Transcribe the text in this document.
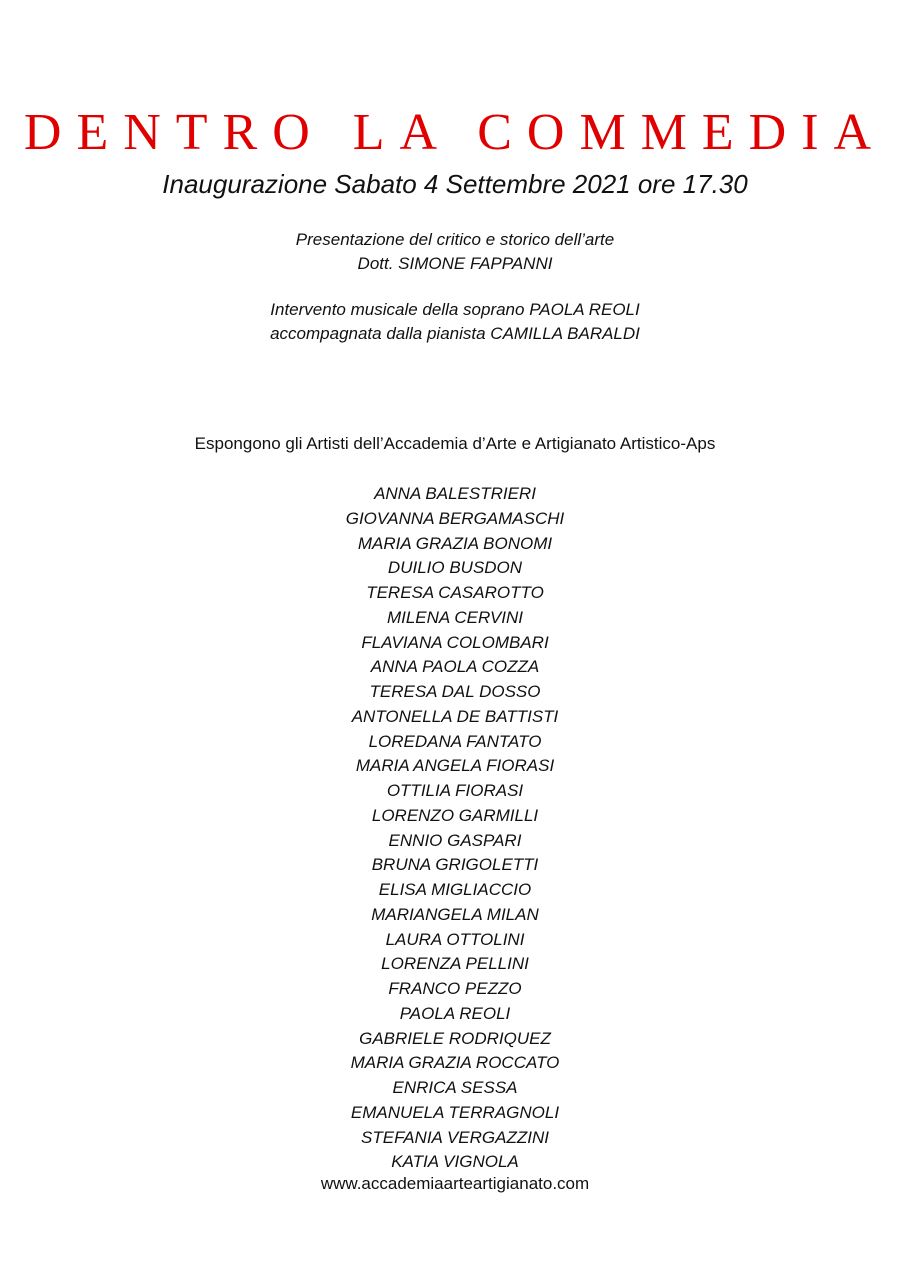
DENTRO LA COMMEDIA
Inaugurazione Sabato 4 Settembre 2021 ore 17.30
Presentazione del critico e storico dell’arte
Dott. SIMONE FAPPANNI
Intervento musicale della soprano PAOLA REOLI
accompagnata dalla pianista CAMILLA BARALDI
Espongono gli Artisti dell’Accademia d’Arte e Artigianato Artistico-Aps
ANNA BALESTRIERI
GIOVANNA BERGAMASCHI
MARIA GRAZIA BONOMI
DUILIO BUSDON
TERESA CASAROTTO
MILENA CERVINI
FLAVIANA COLOMBARI
ANNA PAOLA COZZA
TERESA DAL DOSSO
ANTONELLA DE BATTISTI
LOREDANA FANTATO
MARIA ANGELA FIORASI
OTTILIA FIORASI
LORENZO GARMILLI
ENNIO GASPARI
BRUNA GRIGOLETTI
ELISA MIGLIACCIO
MARIANGELA MILAN
LAURA OTTOLINI
LORENZA PELLINI
FRANCO PEZZO
PAOLA REOLI
GABRIELE RODRIQUEZ
MARIA GRAZIA ROCCATO
ENRICA SESSA
EMANUELA TERRAGNOLI
STEFANIA VERGAZZINI
KATIA VIGNOLA
www.accademiaarteartigianato.com
